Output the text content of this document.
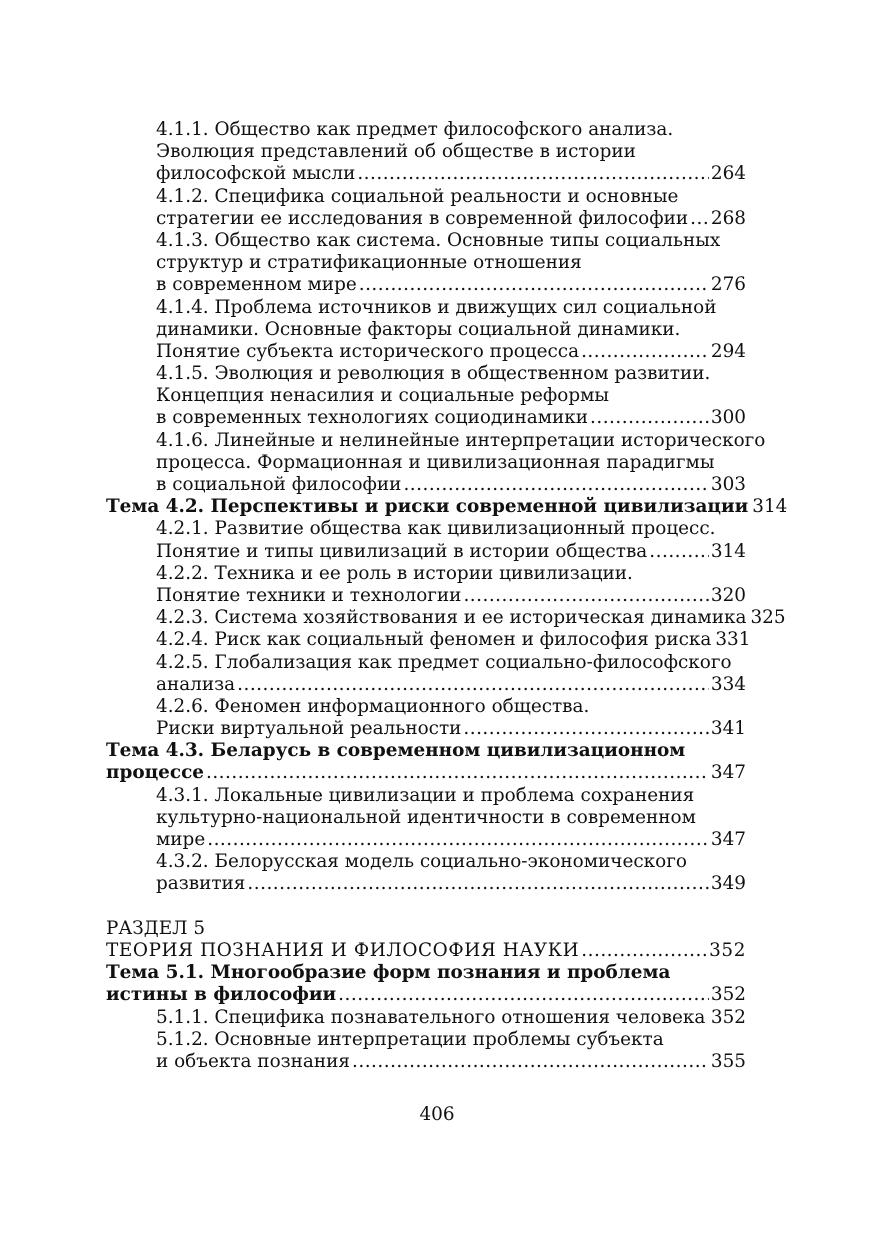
4.1.1. Общество как предмет философского анализа.
Эволюция представлений об обществе в истории
философской мысли .....	264
4.1.2. Специфика социальной реальности и основные
стратегии ее исследования в современной философии ..... 268
4.1.3. Общество как система. Основные типы социальных
структур и стратификационные отношения
в современном мире .....	276
4.1.4. Проблема источников и движущих сил социальной
динамики. Основные факторы социальной динамики.
Понятие субъекта исторического процесса .....	294
4.1.5. Эволюция и революция в общественном развитии.
Концепция ненасилия и социальные реформы
в современных технологиях социодинамики .....	300
4.1.6. Линейные и нелинейные интерпретации исторического
процесса. Формационная и цивилизационная парадигмы
в социальной философии .....	303
Тема 4.2. Перспективы и риски современной цивилизации 314
4.2.1. Развитие общества как цивилизационный процесс.
Понятие и типы цивилизаций в истории общества .....	314
4.2.2. Техника и ее роль в истории цивилизации.
Понятие техники и технологии .....	320
4.2.3. Система хозяйствования и ее историческая динамика 325
4.2.4. Риск как социальный феномен и философия риска 331
4.2.5. Глобализация как предмет социально-философского
анализа .....	334
4.2.6. Феномен информационного общества.
Риски виртуальной реальности .....	341
Тема 4.3. Беларусь в современном цивилизационном
процессе .....	347
4.3.1. Локальные цивилизации и проблема сохранения
культурно-национальной идентичности в современном
мире .....	347
4.3.2. Белорусская модель социально-экономического
развития .....	349
РАЗДЕЛ 5
ТЕОРИЯ ПОЗНАНИЯ И ФИЛОСОФИЯ НАУКИ .....	352
Тема 5.1. Многообразие форм познания и проблема
истины в философии .....	352
5.1.1. Специфика познавательного отношения человека ..... 352
5.1.2. Основные интерпретации проблемы субъекта
и объекта познания .....	355
406
